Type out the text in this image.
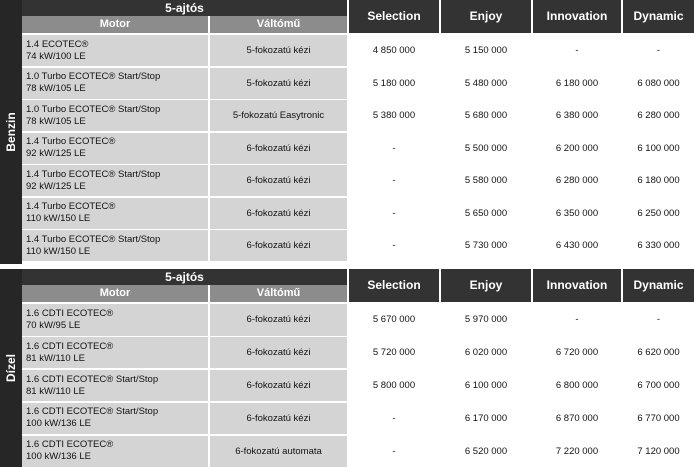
Benzin
5-ajtós
Motor	Váltómű
Selection	Enjoy	Innovation	Dynamic
1.4 ECOTEC®
74 kW/100 LE	5-fokozatú kézi	4 850 000	5 150 000	-	-
1.0 Turbo ECOTEC® Start/Stop
78 kW/105 LE	5-fokozatú kézi	5 180 000	5 480 000	6 180 000	6 080 000
1.0 Turbo ECOTEC® Start/Stop
78 kW/105 LE	5-fokozatú Easytronic	5 380 000	5 680 000	6 380 000	6 280 000
1.4 Turbo ECOTEC®
92 kW/125 LE	6-fokozatú kézi	-	5 500 000	6 200 000	6 100 000
1.4 Turbo ECOTEC® Start/Stop
92 kW/125 LE	6-fokozatú kézi	-	5 580 000	6 280 000	6 180 000
1.4 Turbo ECOTEC®
110 kW/150 LE	6-fokozatú kézi	-	5 650 000	6 350 000	6 250 000
1.4 Turbo ECOTEC® Start/Stop
110 kW/150 LE	6-fokozatú kézi	-	5 730 000	6 430 000	6 330 000
Dízel
5-ajtós
Motor	Váltómű
Selection	Enjoy	Innovation	Dynamic
1.6 CDTI ECOTEC®
70 kW/95 LE	6-fokozatú kézi	5 670 000	5 970 000	-	-
1.6 CDTI ECOTEC®
81 kW/110 LE	6-fokozatú kézi	5 720 000	6 020 000	6 720 000	6 620 000
1.6 CDTI ECOTEC® Start/Stop
81 kW/110 LE	6-fokozatú kézi	5 800 000	6 100 000	6 800 000	6 700 000
1.6 CDTI ECOTEC® Start/Stop
100 kW/136 LE	6-fokozatú kézi	-	6 170 000	6 870 000	6 770 000
1.6 CDTI ECOTEC®
100 kW/136 LE	6-fokozatú automata	-	6 520 000	7 220 000	7 120 000
